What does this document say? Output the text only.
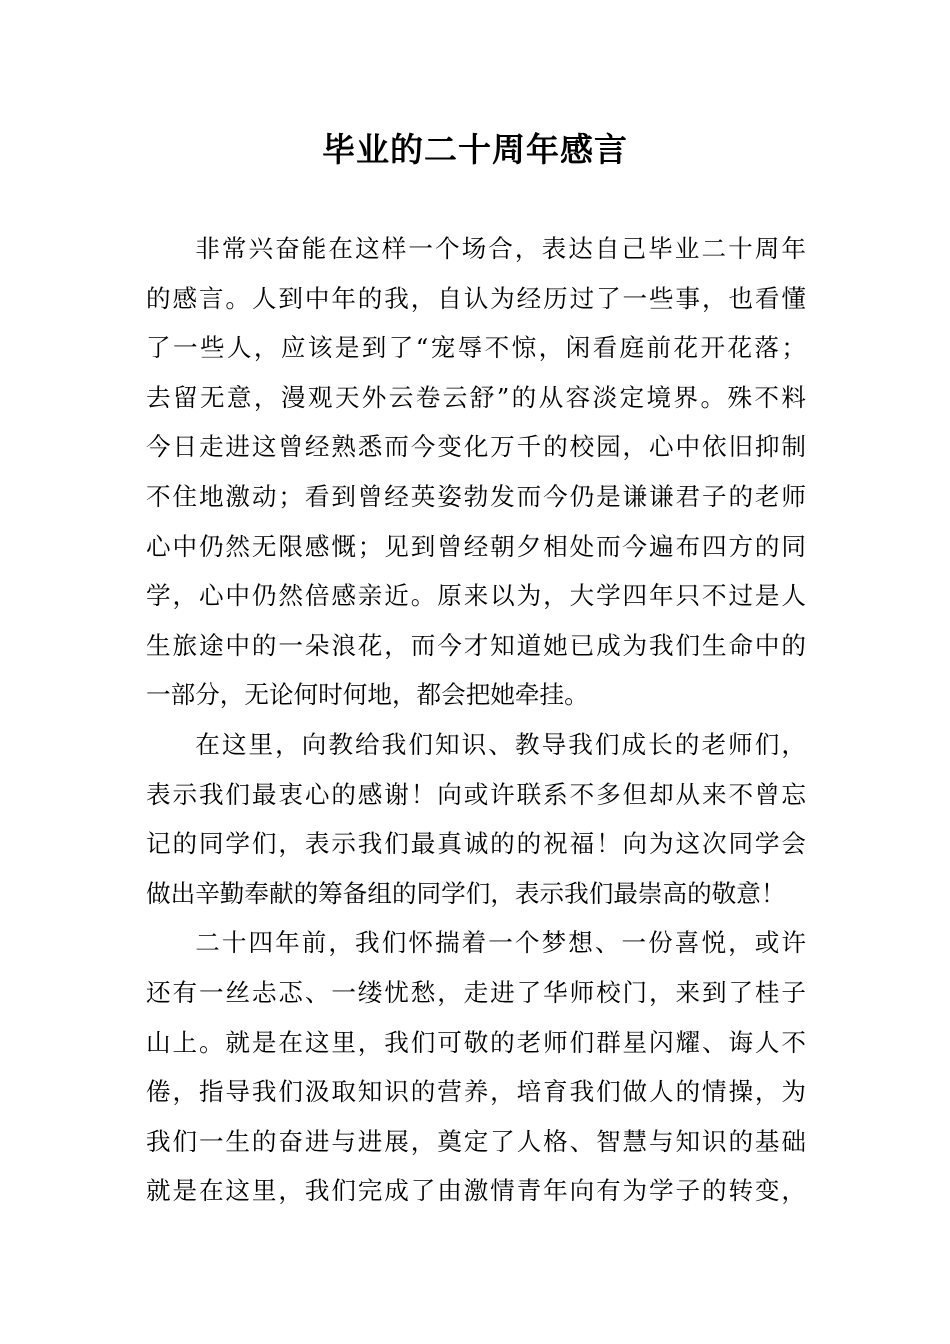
毕业的二十周年感言
非常兴奋能在这样一个场合，表达自己毕业二十周年
的感言。人到中年的我，自认为经历过了一些事，也看懂
了一些人，应该是到了“宠辱不惊，闲看庭前花开花落；
去留无意，漫观天外云卷云舒”的从容淡定境界。殊不料
今日走进这曾经熟悉而今变化万千的校园，心中依旧抑制
不住地激动；看到曾经英姿勃发而今仍是谦谦君子的老师
心中仍然无限感慨；见到曾经朝夕相处而今遍布四方的同
学，心中仍然倍感亲近。原来以为，大学四年只不过是人
生旅途中的一朵浪花，而今才知道她已成为我们生命中的
一部分，无论何时何地，都会把她牵挂。
在这里，向教给我们知识、教导我们成长的老师们，
表示我们最衷心的感谢！向或许联系不多但却从来不曾忘
记的同学们，表示我们最真诚的的祝福！向为这次同学会
做出辛勤奉献的筹备组的同学们，表示我们最崇高的敬意！
二十四年前，我们怀揣着一个梦想、一份喜悦，或许
还有一丝忐忑、一缕忧愁，走进了华师校门，来到了桂子
山上。就是在这里，我们可敬的老师们群星闪耀、诲人不
倦，指导我们汲取知识的营养，培育我们做人的情操，为
我们一生的奋进与进展，奠定了人格、智慧与知识的基础
就是在这里，我们完成了由激情青年向有为学子的转变，
